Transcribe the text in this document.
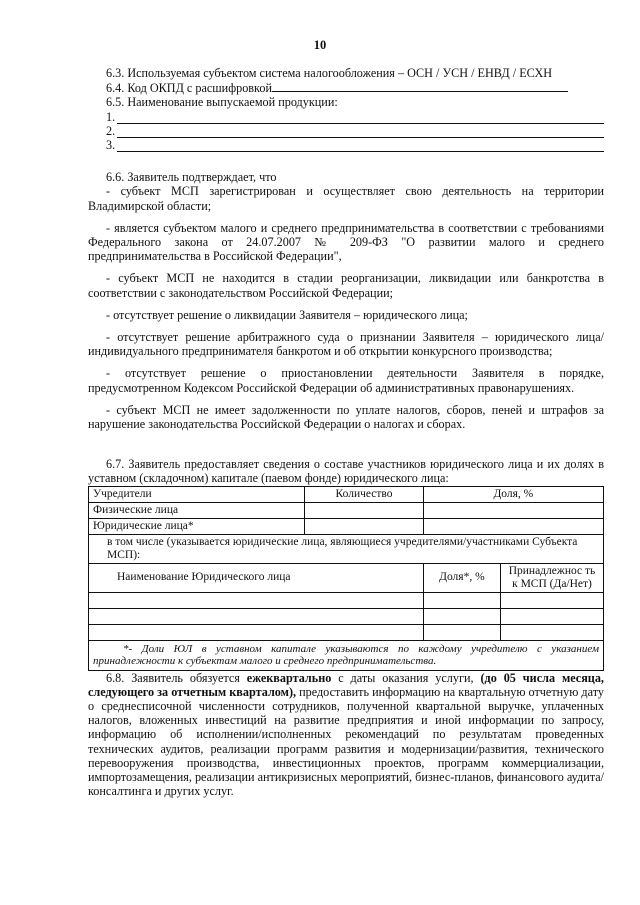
10

6.3. Используемая субъектом система налогообложения – ОСН / УСН / ЕНВД / ЕСХН

6.4. Код ОКПД с расшифровкой

6.5. Наименование выпускаемой продукции:

1.
2.
3.

6.6. Заявитель подтверждает, что

- субъект МСП зарегистрирован и осуществляет свою деятельность на территории Владимирской области;

- является субъектом малого и среднего предпринимательства в соответствии с требованиями Федерального закона от 24.07.2007 № 209-ФЗ "О развитии малого и среднего предпринимательства в Российской Федерации",

- субъект МСП не находится в стадии реорганизации, ликвидации или банкротства в соответствии с законодательством Российской Федерации;

- отсутствует решение о ликвидации Заявителя – юридического лица;

- отсутствует решение арбитражного суда о признании Заявителя – юридического лица/индивидуального предпринимателя банкротом и об открытии конкурсного производства;

- отсутствует решение о приостановлении деятельности Заявителя в порядке, предусмотренном Кодексом Российской Федерации об административных правонарушениях.

- субъект МСП не имеет задолженности по уплате налогов, сборов, пеней и штрафов за нарушение законодательства Российской Федерации о налогах и сборах.

6.7. Заявитель предоставляет сведения о составе участников юридического лица и их долях в уставном (складочном) капитале (паевом фонде) юридического лица:

Учредители	Количество	Доля, %
Физические лица		
Юридические лица*		
в том числе (указывается юридические лица, являющиеся учредителями/участниками Субъекта МСП):		
Наименование Юридического лица	Доля*, %	Принадлежнос ть к МСП (Да/Нет)

*- Доли ЮЛ в уставном капитале указываются по каждому учредителю с указанием принадлежности к субъектам малого и среднего предпринимательства.		

6.8. Заявитель обязуется ежеквартально с даты оказания услуги, (до 05 числа месяца, следующего за отчетным кварталом), предоставить информацию на квартальную отчетную дату о среднесписочной численности сотрудников, полученной квартальной выручке, уплаченных налогов, вложенных инвестиций на развитие предприятия и иной информации по запросу, информацию об исполнении/исполненных рекомендаций по результатам проведенных технических аудитов, реализации программ развития и модернизации/развития, технического перевооружения производства, инвестиционных проектов, программ коммерциализации, импортозамещения, реализации антикризисных мероприятий, бизнес-планов, финансового аудита/консалтинга и других услуг.
